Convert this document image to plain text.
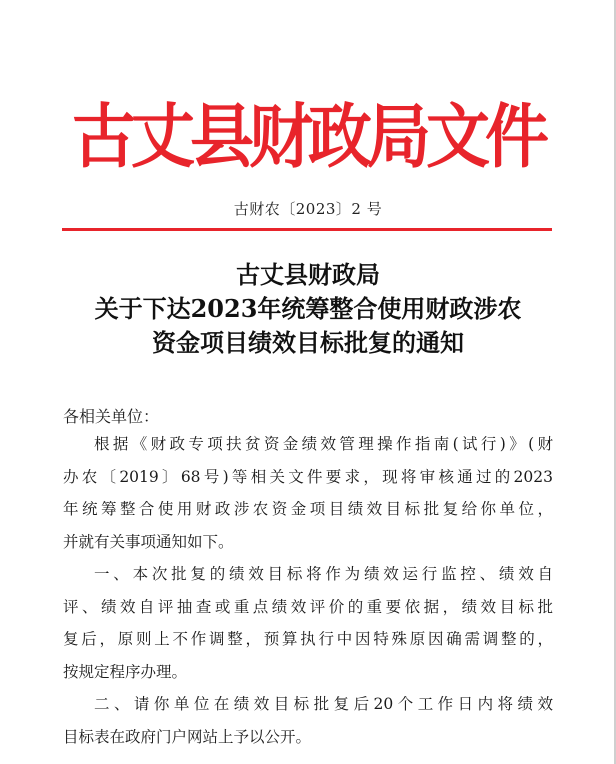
古丈县财政局文件
古财农〔2023〕2 号
古丈县财政局
关于下达2023年统筹整合使用财政涉农
资金项目绩效目标批复的通知
各相关单位：
根据《财政专项扶贫资金绩效管理操作指南(试行)》(财
办农〔2019〕68号)等相关文件要求，现将审核通过的2023
年统筹整合使用财政涉农资金项目绩效目标批复给你单位，
并就有关事项通知如下。
一、本次批复的绩效目标将作为绩效运行监控、绩效自
评、绩效自评抽查或重点绩效评价的重要依据，绩效目标批
复后，原则上不作调整，预算执行中因特殊原因确需调整的，
按规定程序办理。
二、请你单位在绩效目标批复后20个工作日内将绩效
目标表在政府门户网站上予以公开。
